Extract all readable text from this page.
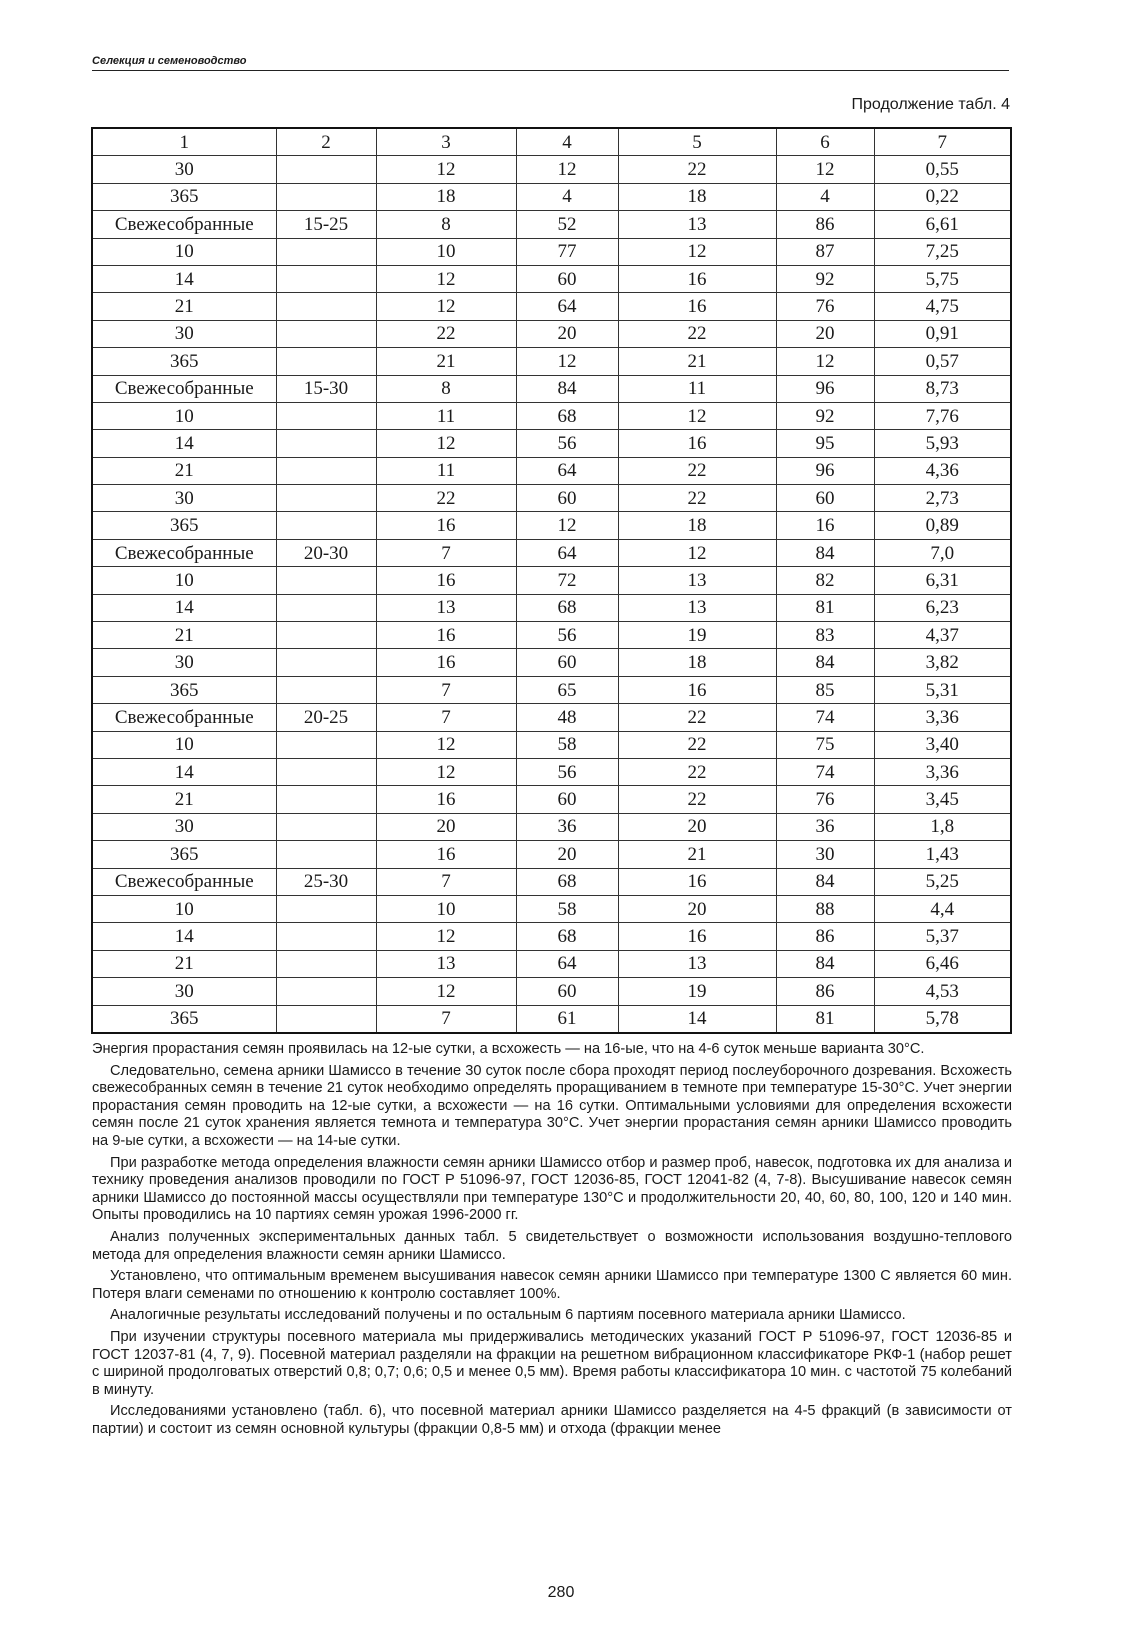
Селекция и семеноводство
Продолжение табл. 4
1	2	3	4	5	6	7
30		12	12	22	12	0,55
365		18	4	18	4	0,22
Свежесобранные	15-25	8	52	13	86	6,61
10		10	77	12	87	7,25
14		12	60	16	92	5,75
21		12	64	16	76	4,75
30		22	20	22	20	0,91
365		21	12	21	12	0,57
Свежесобранные	15-30	8	84	11	96	8,73
10		11	68	12	92	7,76
14		12	56	16	95	5,93
21		11	64	22	96	4,36
30		22	60	22	60	2,73
365		16	12	18	16	0,89
Свежесобранные	20-30	7	64	12	84	7,0
10		16	72	13	82	6,31
14		13	68	13	81	6,23
21		16	56	19	83	4,37
30		16	60	18	84	3,82
365		7	65	16	85	5,31
Свежесобранные	20-25	7	48	22	74	3,36
10		12	58	22	75	3,40
14		12	56	22	74	3,36
21		16	60	22	76	3,45
30		20	36	20	36	1,8
365		16	20	21	30	1,43
Свежесобранные	25-30	7	68	16	84	5,25
10		10	58	20	88	4,4
14		12	68	16	86	5,37
21		13	64	13	84	6,46
30		12	60	19	86	4,53
365		7	61	14	81	5,78

Энергия прорастания семян проявилась на 12-ые сутки, а всхожесть — на 16-ые, что на 4-6 суток меньше варианта 30°С.

Следовательно, семена арники Шамиссо в течение 30 суток после сбора проходят период послеуборочного дозревания. Всхожесть свежесобранных семян в течение 21 суток необходимо определять проращиванием в темноте при температуре 15-30°С. Учет энергии прорастания семян проводить на 12-ые сутки, а всхожести — на 16 сутки. Оптимальными условиями для определения всхожести семян после 21 суток хранения является темнота и температура 30°С. Учет энергии прорастания семян арники Шамиссо проводить на 9-ые сутки, а всхожести — на 14-ые сутки.

При разработке метода определения влажности семян арники Шамиссо отбор и размер проб, навесок, подготовка их для анализа и технику проведения анализов проводили по ГОСТ Р 51096-97, ГОСТ 12036-85, ГОСТ 12041-82 (4, 7-8). Высушивание навесок семян арники Шамиссо до постоянной массы осуществляли при температуре 130°С и продолжительности 20, 40, 60, 80, 100, 120 и 140 мин. Опыты проводились на 10 партиях семян урожая 1996-2000 гг.

Анализ полученных экспериментальных данных табл. 5 свидетельствует о возможности использования воздушно-теплового метода для определения влажности семян арники Шамиссо.

Установлено, что оптимальным временем высушивания навесок семян арники Шамиссо при температуре 1300 С является 60 мин. Потеря влаги семенами по отношению к контролю составляет 100%.

Аналогичные результаты исследований получены и по остальным 6 партиям посевного материала арники Шамиссо.

При изучении структуры посевного материала мы придерживались методических указаний ГОСТ Р 51096-97, ГОСТ 12036-85 и ГОСТ 12037-81 (4, 7, 9). Посевной материал разделяли на фракции на решетном вибрационном классификаторе РКФ-1 (набор решет с шириной продолговатых отверстий 0,8; 0,7; 0,6; 0,5 и менее 0,5 мм). Время работы классификатора 10 мин. с частотой 75 колебаний в минуту.

Исследованиями установлено (табл. 6), что посевной материал арники Шамиссо разделяется на 4-5 фракций (в зависимости от партии) и состоит из семян основной культуры (фракции 0,8-5 мм) и отхода (фракции менее

280
